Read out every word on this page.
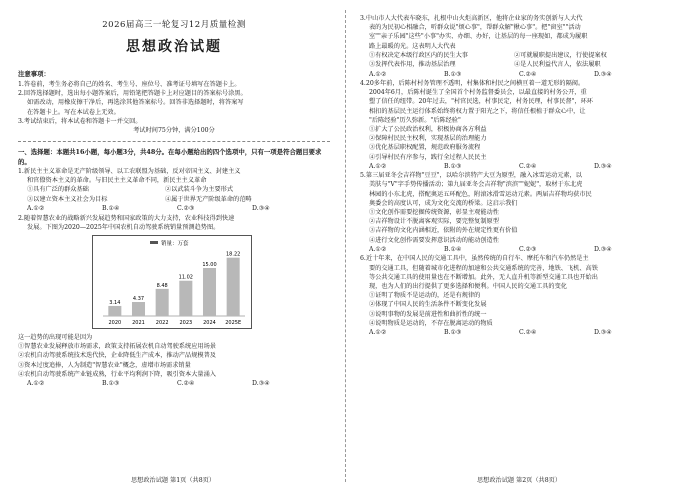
2026届高三一轮复习12月质量检测

思想政治试题

注意事项：

1.答卷前，考生务必将自己的姓名、考生号、座位号、准考证号填写在答题卡上。

2.回答选择题时，选出每小题答案后，用铅笔把答题卡上对应题目的答案标号涂黑。

如需改动，用橡皮擦干净后，再选涂其他答案标号。回答非选择题时，将答案写

在答题卡上。写在本试卷上无效。

3.考试结束后，将本试卷和答题卡一并交回。

考试时间75分钟，满分100分

一、选择题：本题共16小题，每小题3分，共48分。在每小题给出的四个选项中，只有一项是符合题目要求的。

1.新民主主义革命是无产阶级领导、以工农联盟为基础，反对帝国主义、封建主义

和官僚资本主义的革命。与旧民主主义革命不同，新民主主义革命

①具有广泛的群众基础	②以武装斗争为主要形式
③以建立资本主义社会为目标	④属于世界无产阶级革命的范畴
A.①②	B.①④	C.②③	D.③④

2.随着智慧农业的战略新兴发展趋势和国家政策的大力支持，农业科技得到快速

发展。下图为2020—2025年中国农机自动驾驶系统销量预测趋势图。

销量：万套
3.14
2020
4.37
2021
8.48
2022
11.02
2023
15.00
2024
18.22
2025E

这一趋势的出现可能是因为

①智慧农业发展释放市场需求，政策支持拓展农机自动驾驶系统应用场景

②农机自动驾驶系统技术迭代快，企业降低生产成本，推动产品规模普及

③资本过度追捧，人为制造"智慧农业"概念，虚增市场需求销量

④农机自动驾驶系统产业链成熟，行业平均利润下降，吸引资本大量涌入

A.①②	B.①③	C.②④	D.③④
思想政治试题 第1页（共8页）

3.中山市人大代表车晓东，扎根中山火炬高新区，他将企业家的务实创新与人大代

表的为民初心相融合，听群众说"烦心事"，帮群众解"揪心事"。把"窗室""活动

室""亲子乐园"这些"小事"办实、办细、办好，让基层的每一座现如，都成为履职

路上最暖的光。这表明人大代表

①有权决定本级行政区内的民生大事	②可就履职提出建议，行使提案权
③发挥代表作用，推动基层治理	④是人民利益代言人，依法履职
A.①②	B.①③	C.②④	D.③④

4.20多年前，后陈村村务管理不透明，村集体和村民之间横亘着一道无形的隔阂。

2004年6月，后陈村诞生了全国首个村务监督委员会，以最直接的村务公开，重

塑了信任的纽带。20年过去，"村官民选，村事民定，村务民理，村事民督"，环环

相扣的基层民主运行体系始终将权力置于阳光之下，将信任根植于群众心中，让

"后陈经验"历久弥新。"后陈经验"

①扩大了公民政治权利，积极协商各方利益

②保障村民民主权利，实现基层的治理能力

③优化基层职权配置，规范政府服务流程

④引导村民有序参与，践行全过程人民民主

A.①②	B.①③	C.②④	D.③④

5.第三届亚冬会吉祥物"豆豆"，以哈尔滨特产大豆为原型，融入冰雪运动元素，以

美肤与"V"字手势传播活动；第九届亚冬会吉祥物"滨滨""妮妮"，取材于东北虎

林园的小东北虎，搭配奥运五环配色，附滚冰滑雪运动元素。两届吉祥物均获市民

奥委会的高度认可，成为文化交流的桥梁。这启示我们

①文化创作需要挖掘传统资源，彰显主观能动性

②吉祥物设计不脱离客观实际，要完整复制原型

③吉祥物的文化内涵相近，依附的外在规定性更有价值

④进行文化创作需要发挥意识活动的能动创造性

A.①②	B.①④	C.②③	D.③④

6.近十年来，在中国人民的交通工具中，虽然传统的自行车、摩托车和汽车仍然是主

要的交通工具，但随着城市化进程的加速和公共交通系统的完善，地铁、飞机、高铁

等公共交通工具的使用量也在不断增加。此外，无人直升机等新型交通工具也开始出

现，也为人们的出行提供了更多选择和便利。中国人民的交通工具的变化

①证明了物质不是运动的，还是有规律的

②体现了中国人民的生活条件不断变化发展

③说明事物的发展是前进性和曲折性的统一

④说明物质是运动的，不存在脱离运动的物质

A.①②	B.①③	C.②④	D.③④
思想政治试题 第2页（共8页）
